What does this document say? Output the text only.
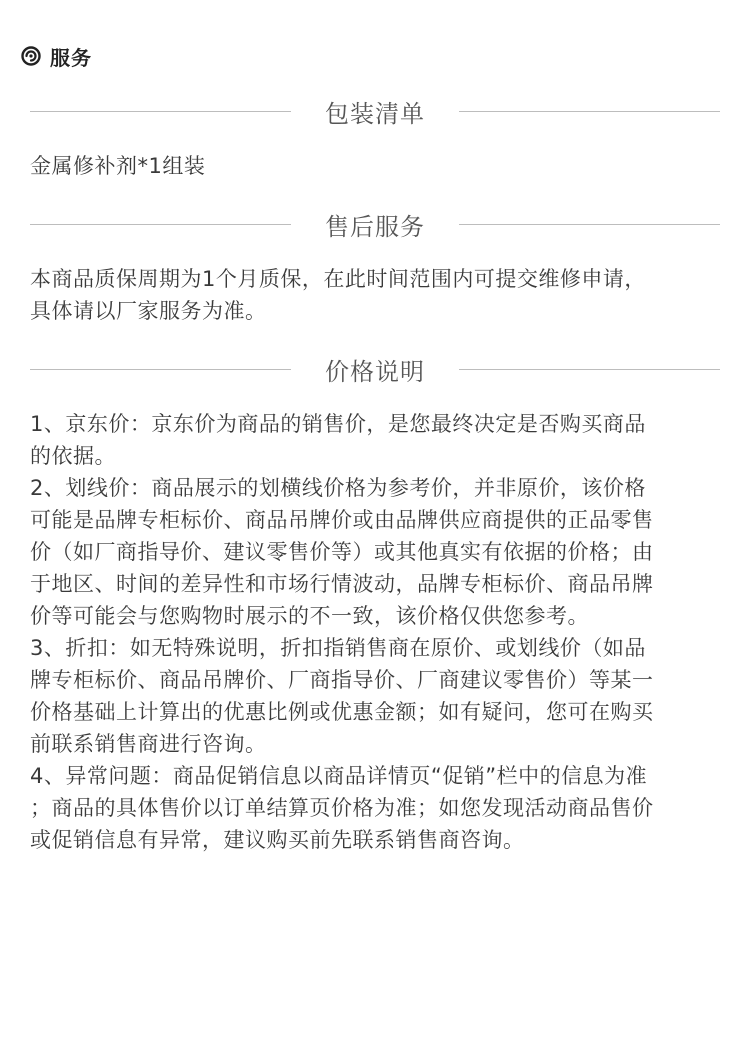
服务
包装清单
金属修补剂*1组装
售后服务
本商品质保周期为1个月质保，在此时间范围内可提交维修申请，
具体请以厂家服务为准。
价格说明
1、京东价：京东价为商品的销售价，是您最终决定是否购买商品
的依据。
2、划线价：商品展示的划横线价格为参考价，并非原价，该价格
可能是品牌专柜标价、商品吊牌价或由品牌供应商提供的正品零售
价（如厂商指导价、建议零售价等）或其他真实有依据的价格；由
于地区、时间的差异性和市场行情波动，品牌专柜标价、商品吊牌
价等可能会与您购物时展示的不一致，该价格仅供您参考。
3、折扣：如无特殊说明，折扣指销售商在原价、或划线价（如品
牌专柜标价、商品吊牌价、厂商指导价、厂商建议零售价）等某一
价格基础上计算出的优惠比例或优惠金额；如有疑问，您可在购买
前联系销售商进行咨询。
4、异常问题：商品促销信息以商品详情页“促销”栏中的信息为准
；商品的具体售价以订单结算页价格为准；如您发现活动商品售价
或促销信息有异常，建议购买前先联系销售商咨询。
